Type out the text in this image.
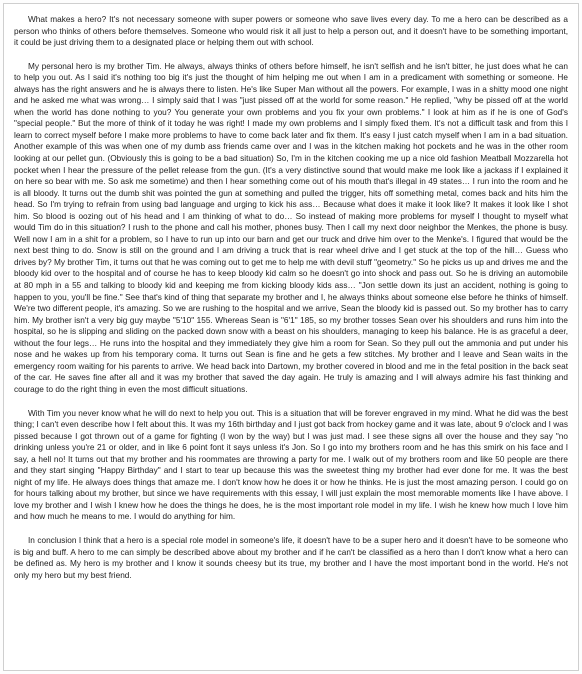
What makes a hero? It's not necessary someone with super powers or someone who save lives every day. To me a hero can be described as a person who thinks of others before themselves. Someone who would risk it all just to help a person out, and it doesn't have to be something important, it could be just driving them to a designated place or helping them out with school.

My personal hero is my brother Tim. He always, always thinks of others before himself, he isn't selfish and he isn't bitter, he just does what he can to help you out. As I said it's nothing too big it's just the thought of him helping me out when I am in a predicament with something or someone. He always has the right answers and he is always there to listen. He's like Super Man without all the powers. For example, I was in a shitty mood one night and he asked me what was wrong… I simply said that I was "just pissed off at the world for some reason." He replied, "why be pissed off at the world when the world has done nothing to you? You generate your own problems and you fix your own problems." I look at him as if he is one of God's "special people." But the more of think of it today he was right! I made my own problems and I simply fixed them. It's not a difficult task and from this I learn to correct myself before I make more problems to have to come back later and fix them. It's easy I just catch myself when I am in a bad situation. Another example of this was when one of my dumb ass friends came over and I was in the kitchen making hot pockets and he was in the other room looking at our pellet gun. (Obviously this is going to be a bad situation) So, I'm in the kitchen cooking me up a nice old fashion Meatball Mozzarella hot pocket when I hear the pressure of the pellet release from the gun. (It's a very distinctive sound that would make me look like a jackass if I explained it on here so bear with me. So ask me sometime) and then I hear something come out of his mouth that's illegal in 49 states… I run into the room and he is all bloody. It turns out the dumb shit was pointed the gun at something and pulled the trigger, hits off something metal, comes back and hits him the head. So I'm trying to refrain from using bad language and urging to kick his ass… Because what does it make it look like? It makes it look like I shot him. So blood is oozing out of his head and I am thinking of what to do… So instead of making more problems for myself I thought to myself what would Tim do in this situation? I rush to the phone and call his mother, phones busy. Then I call my next door neighbor the Menkes, the phone is busy. Well now I am in a shit for a problem, so I have to run up into our barn and get our truck and drive him over to the Menke's. I figured that would be the next best thing to do. Snow is still on the ground and I am driving a truck that is rear wheel drive and I get stuck at the top of the hill… Guess who drives by? My brother Tim, it turns out that he was coming out to get me to help me with devil stuff "geometry." So he picks us up and drives me and the bloody kid over to the hospital and of course he has to keep bloody kid calm so he doesn't go into shock and pass out. So he is driving an automobile at 80 mph in a 55 and talking to bloody kid and keeping me from kicking bloody kids ass… "Jon settle down its just an accident, nothing is going to happen to you, you'll be fine." See that's kind of thing that separate my brother and I, he always thinks about someone else before he thinks of himself. We're two different people, it's amazing. So we are rushing to the hospital and we arrive, Sean the bloody kid is passed out. So my brother has to carry him. My brother isn't a very big guy maybe "5'10" 155. Whereas Sean is "6'1" 185, so my brother tosses Sean over his shoulders and runs him into the hospital, so he is slipping and sliding on the packed down snow with a beast on his shoulders, managing to keep his balance. He is as graceful a deer, without the four legs… He runs into the hospital and they immediately they give him a room for Sean. So they pull out the ammonia and put under his nose and he wakes up from his temporary coma. It turns out Sean is fine and he gets a few stitches. My brother and I leave and Sean waits in the emergency room waiting for his parents to arrive. We head back into Dartown, my brother covered in blood and me in the fetal position in the back seat of the car. He saves fine after all and it was my brother that saved the day again. He truly is amazing and I will always admire his fast thinking and courage to do the right thing in even the most difficult situations.

With Tim you never know what he will do next to help you out. This is a situation that will be forever engraved in my mind. What he did was the best thing; I can't even describe how I felt about this. It was my 16th birthday and I just got back from hockey game and it was late, about 9 o'clock and I was pissed because I got thrown out of a game for fighting (I won by the way) but I was just mad. I see these signs all over the house and they say "no drinking unless you're 21 or older, and in like 6 point font it says unless it's Jon. So I go into my brothers room and he has this smirk on his face and I say, a hell no! It turns out that my brother and his roommates are throwing a party for me. I walk out of my brothers room and like 50 people are there and they start singing "Happy Birthday" and I start to tear up because this was the sweetest thing my brother had ever done for me. It was the best night of my life. He always does things that amaze me. I don't know how he does it or how he thinks. He is just the most amazing person. I could go on for hours talking about my brother, but since we have requirements with this essay, I will just explain the most memorable moments like I have above. I love my brother and I wish I knew how he does the things he does, he is the most important role model in my life. I wish he knew how much I love him and how much he means to me. I would do anything for him.

In conclusion I think that a hero is a special role model in someone's life, it doesn't have to be a super hero and it doesn't have to be someone who is big and buff. A hero to me can simply be described above about my brother and if he can't be classified as a hero than I don't know what a hero can be defined as. My hero is my brother and I know it sounds cheesy but its true, my brother and I have the most important bond in the world. He's not only my hero but my best friend.
